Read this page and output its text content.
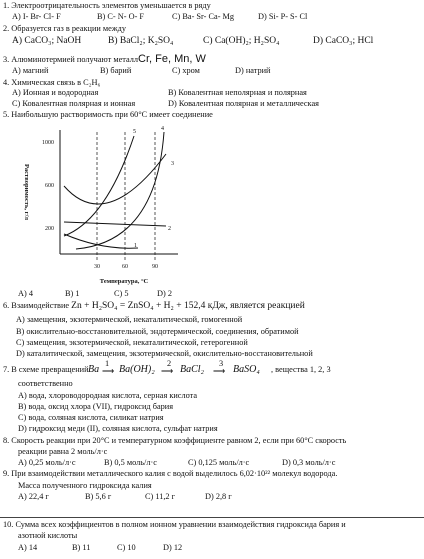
1. Электроотрицательность элементов уменьшается в ряду
A) I- Br- Cl- F	B) C- N- O- F	C) Ba- Sr- Ca- Mg	D) Si- P- S- Cl
2. Образуется газ в реакции между
A) CaCO₃; NaOH	B) BaCl₂; K₂SO₄	C) Ca(OH)₂; H₂SO₄	D) CaCO₃; HCl
3. Алюминотермией получают металлCr, Fe, Mn, W
A) магний	B) барий	C) хром	D) натрий
4. Химическая связь в C₂H₆
A) Ионная и водородная	B) Ковалентная неполярная и полярная
C) Ковалентная полярная и ионная	D) Ковалентная полярная и металлическая
5. Наибольшую растворимость при 60°C имеет соединение
Растворимость, г/л
1000
600
200
1
2
3
4
5
30	60	90
Температура, °C
A) 4	B) 1	C) 5	D) 2
6. Взаимодействие Zn + H₂SO₄ = ZnSO₄ + H₂ + 152,4 кДж, является реакцией
A) замещения, экзотермической, некаталитической, гомогенной
B) окислительно-восстановительной, эндотермической, соединения, обратимой
C) замещения, экзотермической, некаталитической, гетерогенной
D) каталитической, замещения, экзотермической, окислительно-восстановительной
7. В схеме превращений Ba
1
⟶ Ba(OH)₂
2
⟶ BaCl₂
3
⟶ BaSO₄ , вещества 1, 2, 3
соответственно
A) вода, хлороводородная кислота, серная кислота
B) вода, оксид хлора (VII), гидроксид бария
C) вода, соляная кислота, силикат натрия
D) гидроксид меди (II), соляная кислота, сульфат натрия
8. Скорость реакции при 20°C и температурном коэффициенте равном 2, если при 60°C скорость
реакции равна 2 моль/л·с
A) 0,25 моль/л·с	B) 0,5 моль/л·с	C) 0,125 моль/л·с	D) 0,3 моль/л·с
9. При взаимодействии металлического калия с водой выделилось 6,02·10²² молекул водорода.
Масса полученного гидроксида калия
A) 22,4 г	B) 5,6 г	C) 11,2 г	D) 2,8 г
10. Сумма всех коэффициентов в полном ионном уравнении взаимодействия гидроксида бария и
азотной кислоты
A) 14	B) 11	C) 10	D) 12
